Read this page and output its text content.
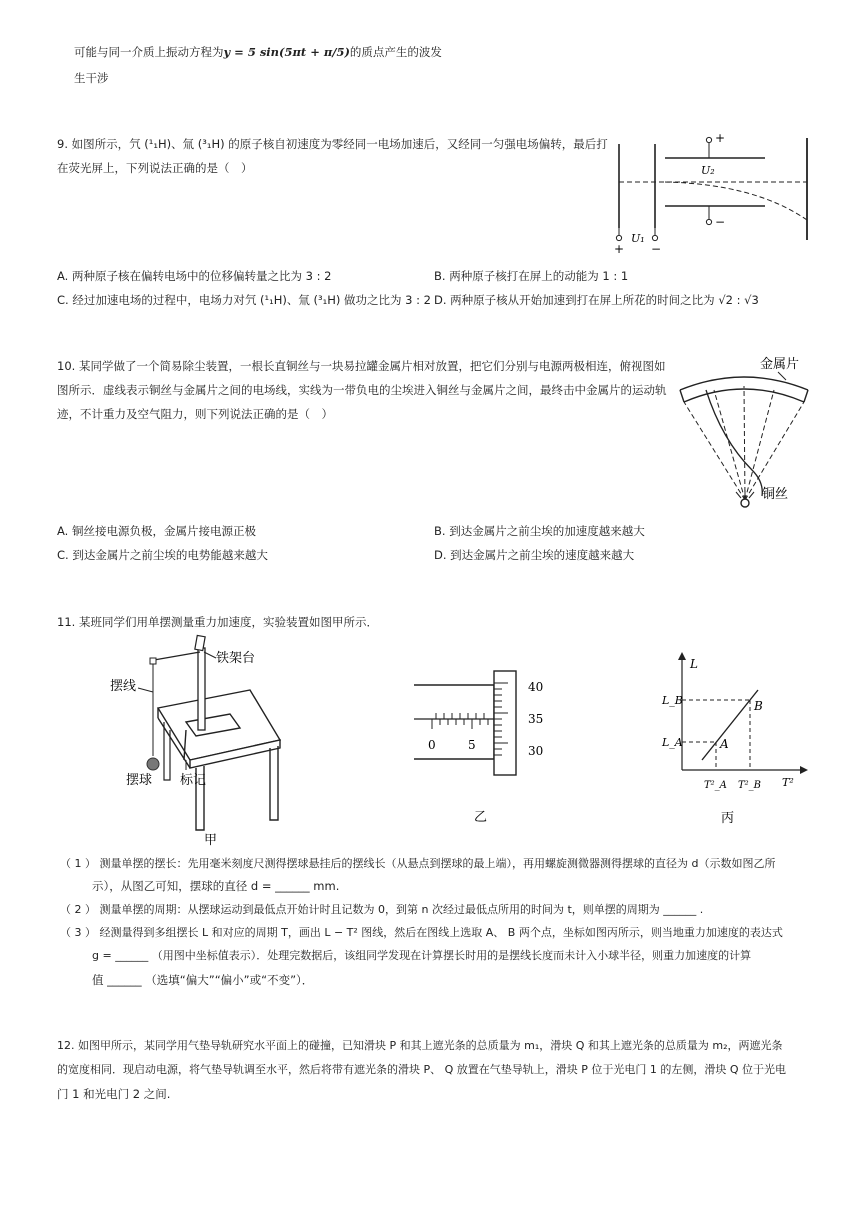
可能与同一介质上振动方程为y = 5 sin(5πt + π/5)的质点产生的波发
生干涉
9. 如图所示，氕 (¹₁H)、氚 (³₁H) 的原子核自初速度为零经同一电场加速后，又经同一匀强电场偏转，最后打
在荧光屏上，下列说法正确的是（　）
+
−
U₂
U₁
+ −
A. 两种原子核在偏转电场中的位移偏转量之比为 3 : 2	B. 两种原子核打在屏上的动能为 1 : 1
C. 经过加速电场的过程中，电场力对氕 (¹₁H)、氚 (³₁H) 做功之比为 3 : 2 D. 两种原子核从开始加速到打在屏上所花的时间之比为 √2 : √3
10. 某同学做了一个简易除尘装置，一根长直铜丝与一块易拉罐金属片相对放置，把它们分别与电源两极相连，俯视图如
图所示．虚线表示铜丝与金属片之间的电场线，实线为一带负电的尘埃进入铜丝与金属片之间，最终击中金属片的运动轨
迹，不计重力及空气阻力，则下列说法正确的是（　）
金属片
铜丝
A. 铜丝接电源负极，金属片接电源正极	B. 到达金属片之前尘埃的加速度越来越大
C. 到达金属片之前尘埃的电势能越来越大	D. 到达金属片之前尘埃的速度越来越大
11. 某班同学们用单摆测量重力加速度，实验装置如图甲所示．
铁架台
摆线
摆球 标记
甲
0	5
40
35
30
乙
L
T²
B
A
L_B
L_A
T²_A T²_B
丙
（ 1 ） 测量单摆的摆长：先用毫米刻度尺测得摆球悬挂后的摆线长（从悬点到摆球的最上端），再用螺旋测微器测得摆球的直径为 d（示数如图乙所
示），从图乙可知，摆球的直径 d = ______ mm.
（ 2 ） 测量单摆的周期：从摆球运动到最低点开始计时且记数为 0，到第 n 次经过最低点所用的时间为 t，则单摆的周期为 ______ .
（ 3 ） 经测量得到多组摆长 L 和对应的周期 T，画出 L − T² 图线，然后在图线上选取 A、 B 两个点，坐标如图丙所示，则当地重力加速度的表达式
g = ______ （用图中坐标值表示）．处理完数据后，该组同学发现在计算摆长时用的是摆线长度而未计入小球半径，则重力加速度的计算
值 ______ （选填“偏大”“偏小”或“不变”）．
12. 如图甲所示，某同学用气垫导轨研究水平面上的碰撞，已知滑块 P 和其上遮光条的总质量为 m₁，滑块 Q 和其上遮光条的总质量为 m₂，两遮光条
的宽度相同．现启动电源，将气垫导轨调至水平，然后将带有遮光条的滑块 P、 Q 放置在气垫导轨上，滑块 P 位于光电门 1 的左侧，滑块 Q 位于光电
门 1 和光电门 2 之间.
